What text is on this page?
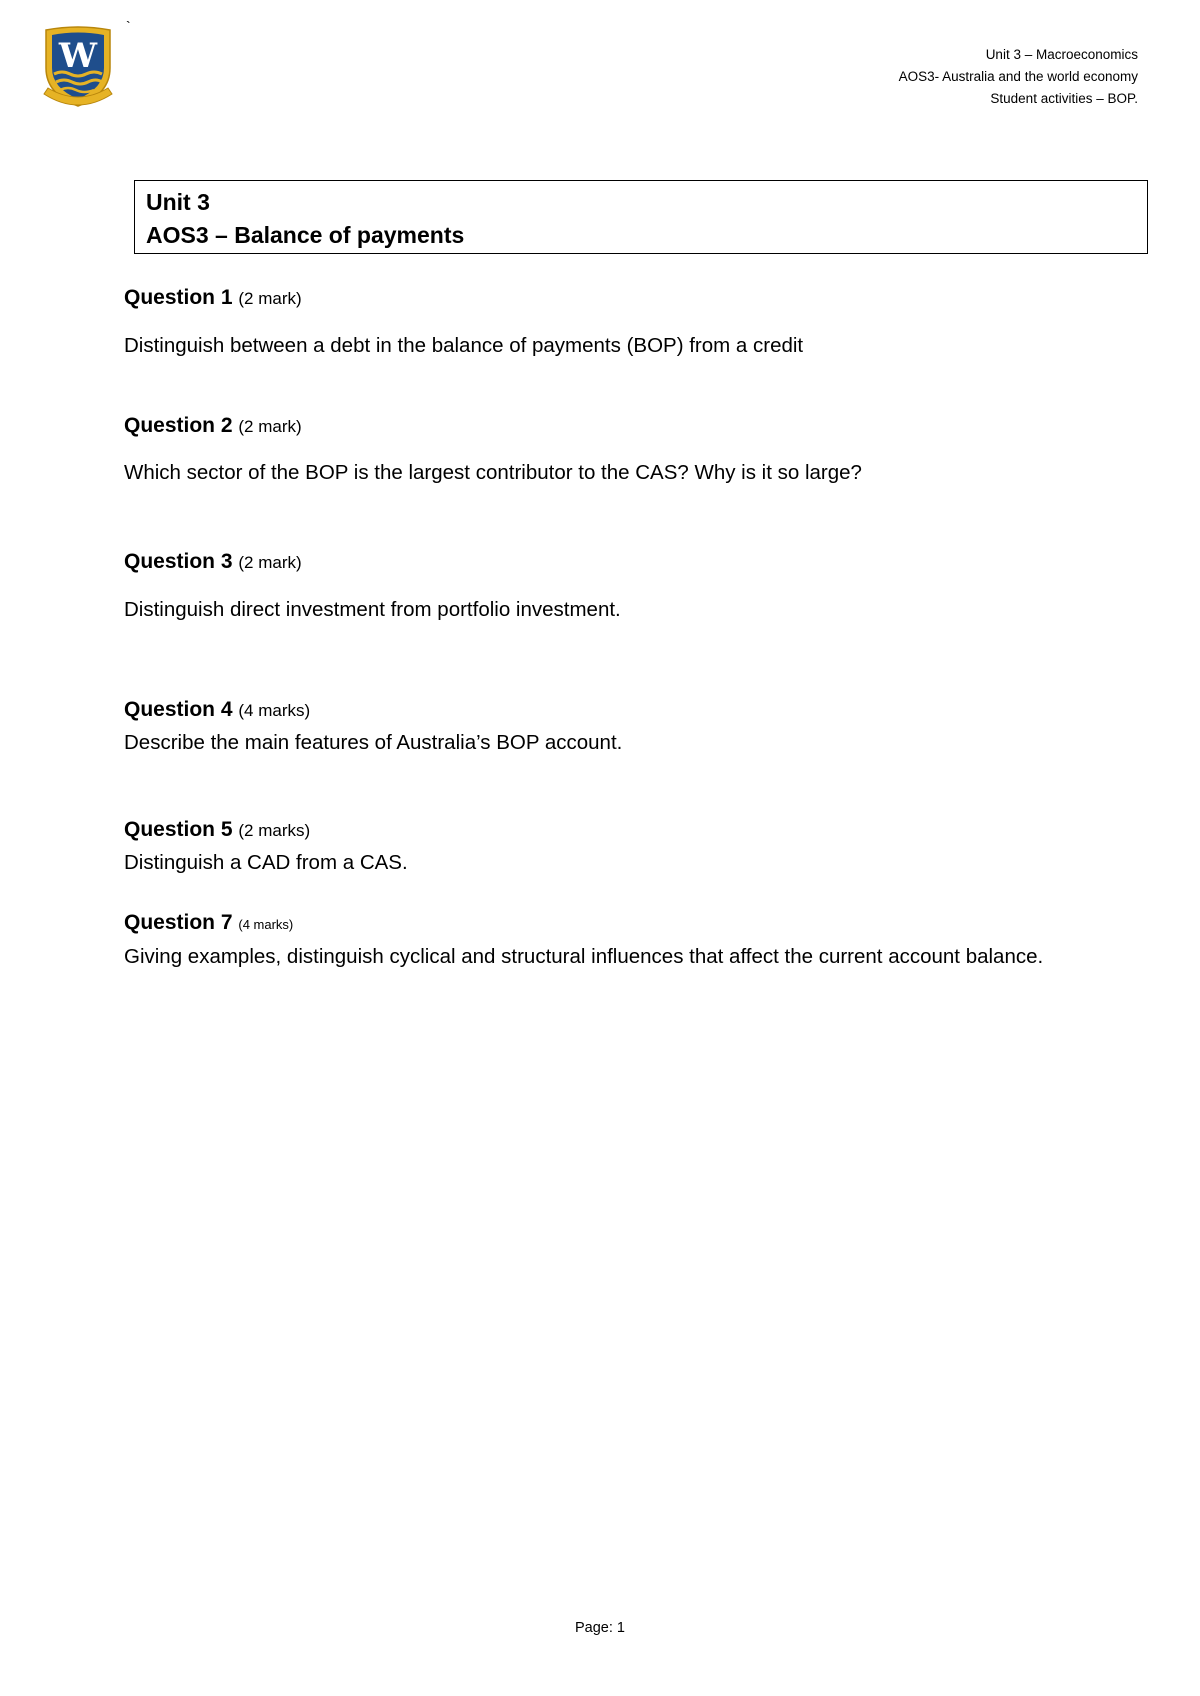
W
`
Unit 3 – Macroeconomics
AOS3- Australia and the world economy
Student activities – BOP.
Unit 3
AOS3 – Balance of payments
Question 1 (2 mark)
Distinguish between a debt in the balance of payments (BOP) from a credit
Question 2 (2 mark)
Which sector of the BOP is the largest contributor to the CAS? Why is it so large?
Question 3 (2 mark)
Distinguish direct investment from portfolio investment.
Question 4 (4 marks)
Describe the main features of Australia’s BOP account.
Question 5 (2 marks)
Distinguish a CAD from a CAS.
Question 7 (4 marks)
Giving examples, distinguish cyclical and structural influences that affect the current account balance.
Page: 1
